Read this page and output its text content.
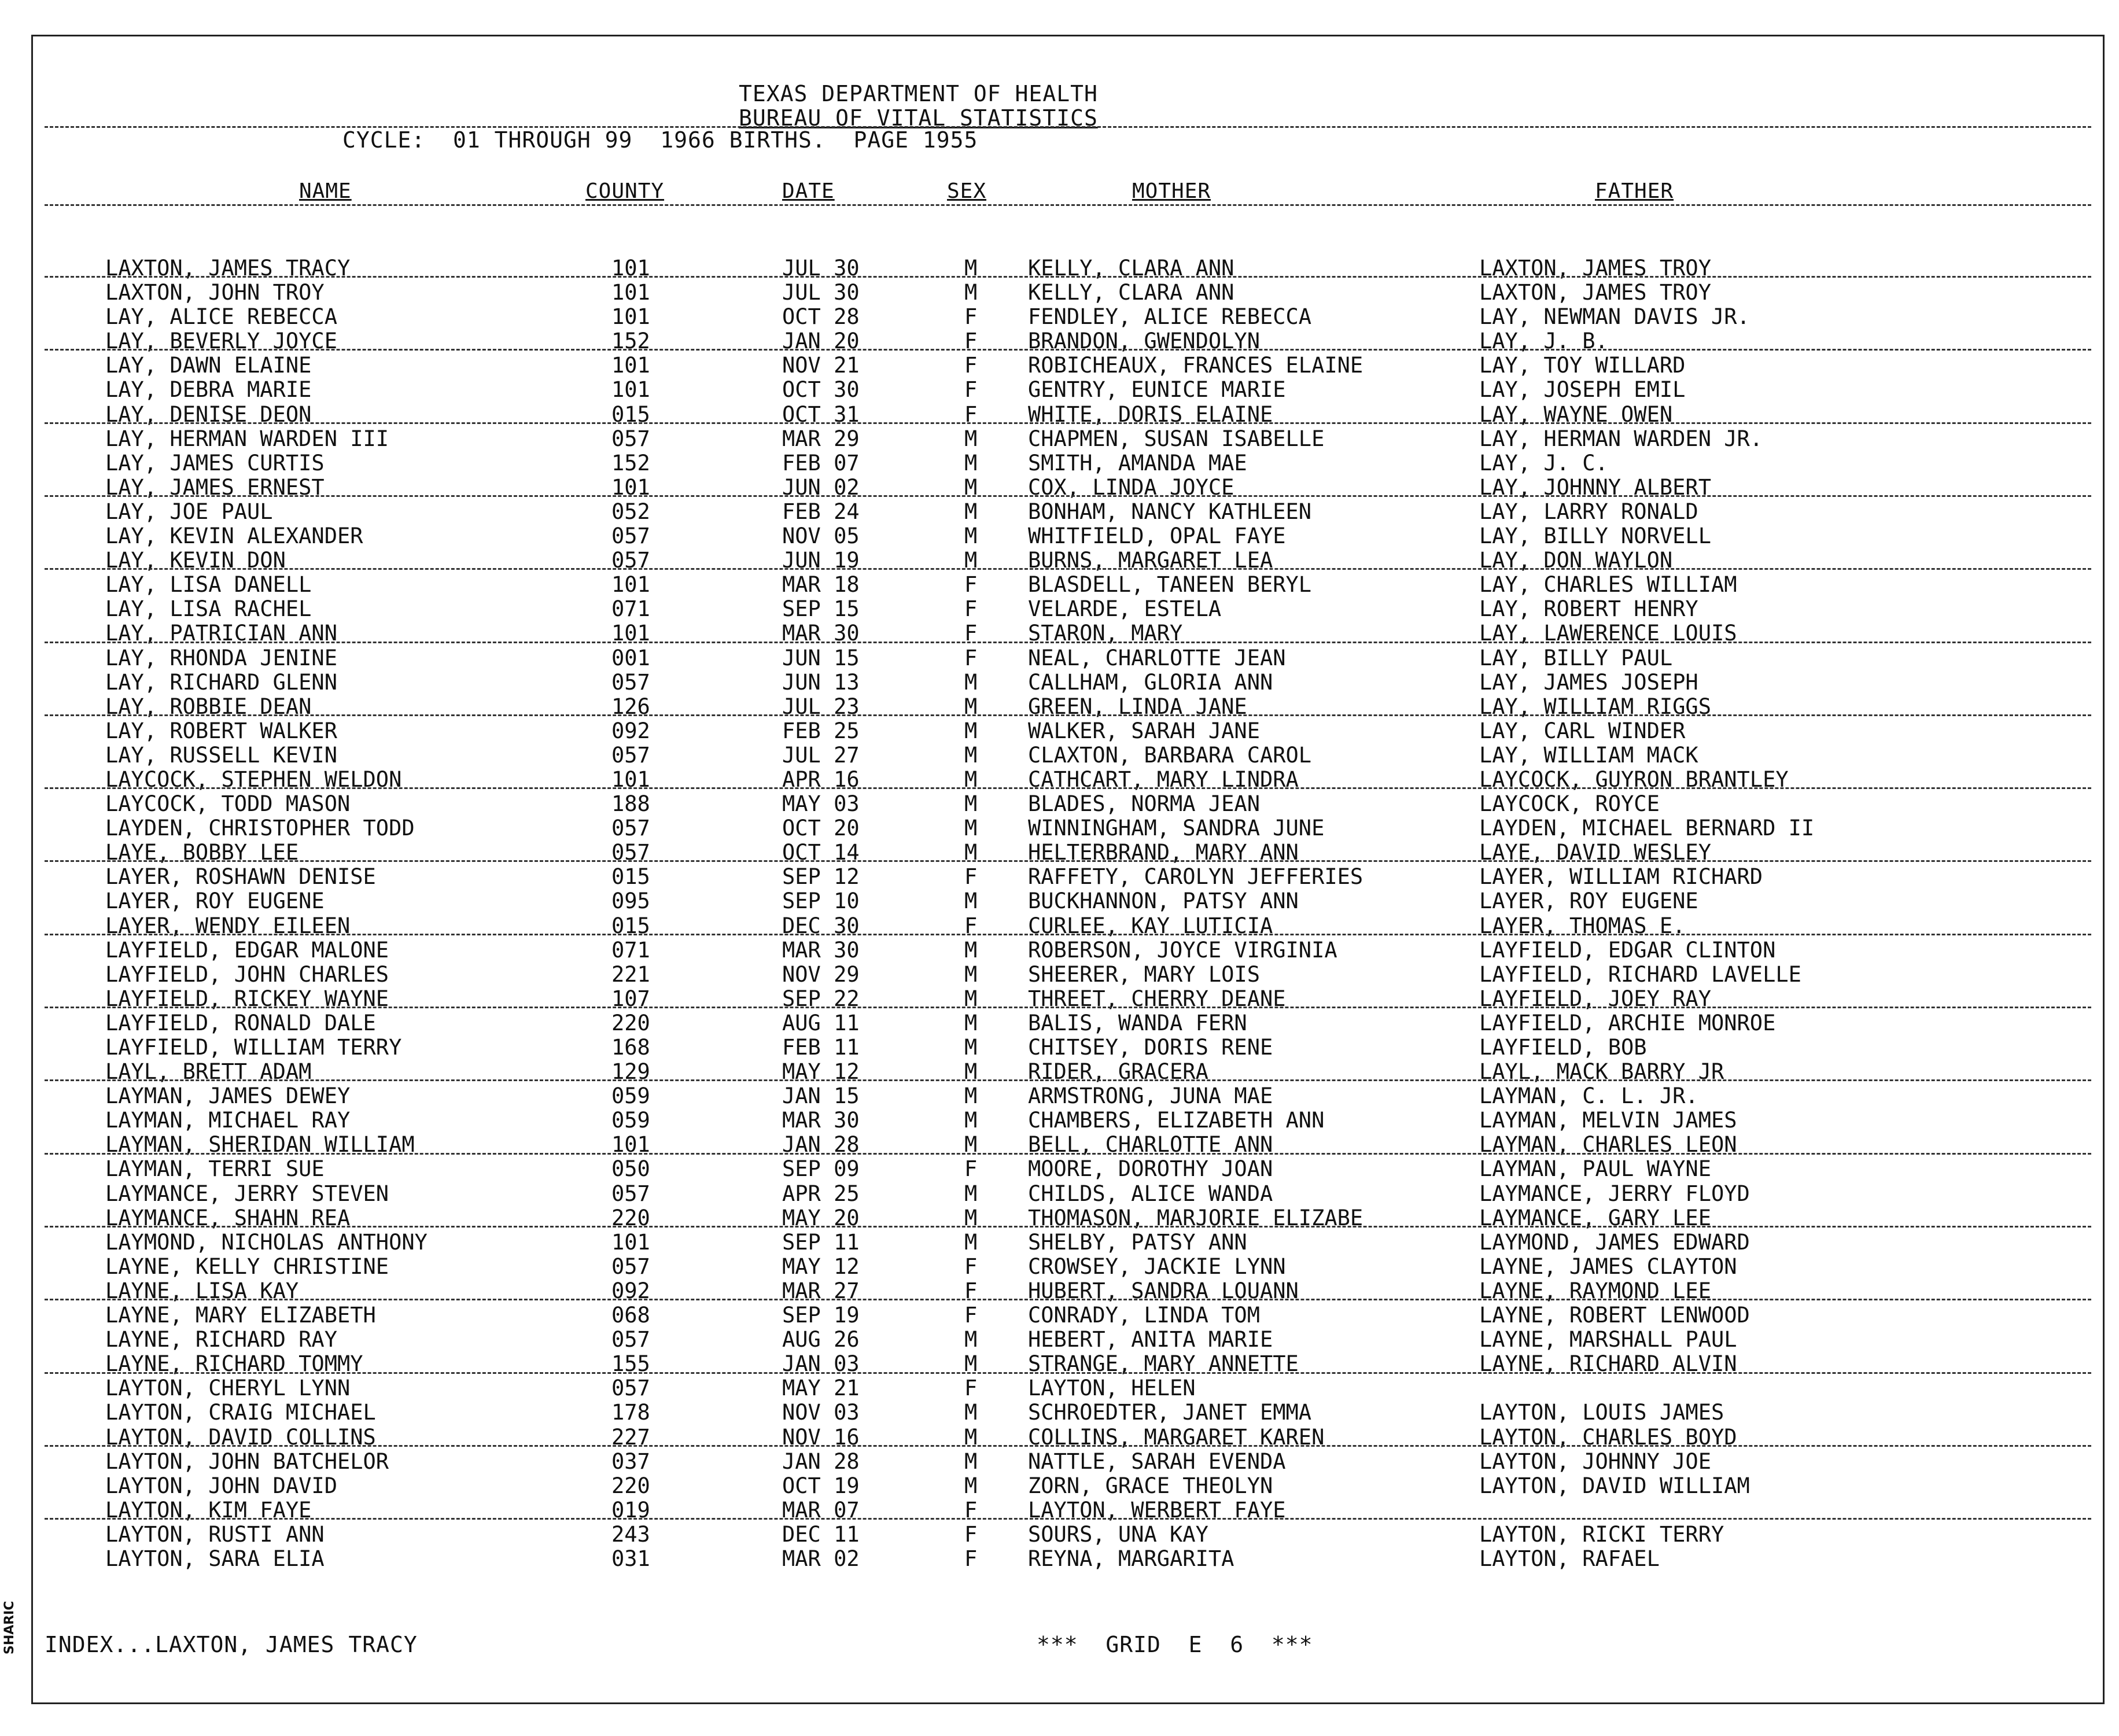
TEXAS DEPARTMENT OF HEALTH
BUREAU OF VITAL STATISTICS
CYCLE:  01 THROUGH 99  1966 BIRTHS.  PAGE 1955
NAME	COUNTY	DATE	SEX	MOTHER	FATHER
LAXTON, JAMES TRACY	101	JUL 30	M KELLY, CLARA ANN	LAXTON, JAMES TROY
LAXTON, JOHN TROY	101	JUL 30	M KELLY, CLARA ANN	LAXTON, JAMES TROY
LAY, ALICE REBECCA	101	OCT 28	F FENDLEY, ALICE REBECCA	LAY, NEWMAN DAVIS JR.
LAY, BEVERLY JOYCE	152	JAN 20	F BRANDON, GWENDOLYN	LAY, J. B.
LAY, DAWN ELAINE	101	NOV 21	F ROBICHEAUX, FRANCES ELAINE	LAY, TOY WILLARD
LAY, DEBRA MARIE	101	OCT 30	F GENTRY, EUNICE MARIE	LAY, JOSEPH EMIL
LAY, DENISE DEON	015	OCT 31	F WHITE, DORIS ELAINE	LAY, WAYNE OWEN
LAY, HERMAN WARDEN III	057	MAR 29	M CHAPMEN, SUSAN ISABELLE	LAY, HERMAN WARDEN JR.
LAY, JAMES CURTIS	152	FEB 07	M SMITH, AMANDA MAE	LAY, J. C.
LAY, JAMES ERNEST	101	JUN 02	M COX, LINDA JOYCE	LAY, JOHNNY ALBERT
LAY, JOE PAUL	052	FEB 24	M BONHAM, NANCY KATHLEEN	LAY, LARRY RONALD
LAY, KEVIN ALEXANDER	057	NOV 05	M WHITFIELD, OPAL FAYE	LAY, BILLY NORVELL
LAY, KEVIN DON	057	JUN 19	M BURNS, MARGARET LEA	LAY, DON WAYLON
LAY, LISA DANELL	101	MAR 18	F BLASDELL, TANEEN BERYL	LAY, CHARLES WILLIAM
LAY, LISA RACHEL	071	SEP 15	F VELARDE, ESTELA	LAY, ROBERT HENRY
LAY, PATRICIAN ANN	101	MAR 30	F STARON, MARY	LAY, LAWERENCE LOUIS
LAY, RHONDA JENINE	001	JUN 15	F NEAL, CHARLOTTE JEAN	LAY, BILLY PAUL
LAY, RICHARD GLENN	057	JUN 13	M CALLHAM, GLORIA ANN	LAY, JAMES JOSEPH
LAY, ROBBIE DEAN	126	JUL 23	M GREEN, LINDA JANE	LAY, WILLIAM RIGGS
LAY, ROBERT WALKER	092	FEB 25	M WALKER, SARAH JANE	LAY, CARL WINDER
LAY, RUSSELL KEVIN	057	JUL 27	M CLAXTON, BARBARA CAROL	LAY, WILLIAM MACK
LAYCOCK, STEPHEN WELDON	101	APR 16	M CATHCART, MARY LINDRA	LAYCOCK, GUYRON BRANTLEY
LAYCOCK, TODD MASON	188	MAY 03	M BLADES, NORMA JEAN	LAYCOCK, ROYCE
LAYDEN, CHRISTOPHER TODD	057	OCT 20	M WINNINGHAM, SANDRA JUNE	LAYDEN, MICHAEL BERNARD II
LAYE, BOBBY LEE	057	OCT 14	M HELTERBRAND, MARY ANN	LAYE, DAVID WESLEY
LAYER, ROSHAWN DENISE	015	SEP 12	F RAFFETY, CAROLYN JEFFERIES	LAYER, WILLIAM RICHARD
LAYER, ROY EUGENE	095	SEP 10	M BUCKHANNON, PATSY ANN	LAYER, ROY EUGENE
LAYER, WENDY EILEEN	015	DEC 30	F CURLEE, KAY LUTICIA	LAYER, THOMAS E.
LAYFIELD, EDGAR MALONE	071	MAR 30	M ROBERSON, JOYCE VIRGINIA	LAYFIELD, EDGAR CLINTON
LAYFIELD, JOHN CHARLES	221	NOV 29	M SHEERER, MARY LOIS	LAYFIELD, RICHARD LAVELLE
LAYFIELD, RICKEY WAYNE	107	SEP 22	M THREET, CHERRY DEANE	LAYFIELD, JOEY RAY
LAYFIELD, RONALD DALE	220	AUG 11	M BALIS, WANDA FERN	LAYFIELD, ARCHIE MONROE
LAYFIELD, WILLIAM TERRY	168	FEB 11	M CHITSEY, DORIS RENE	LAYFIELD, BOB
LAYL, BRETT ADAM	129	MAY 12	M RIDER, GRACERA	LAYL, MACK BARRY JR
LAYMAN, JAMES DEWEY	059	JAN 15	M ARMSTRONG, JUNA MAE	LAYMAN, C. L. JR.
LAYMAN, MICHAEL RAY	059	MAR 30	M CHAMBERS, ELIZABETH ANN	LAYMAN, MELVIN JAMES
LAYMAN, SHERIDAN WILLIAM	101	JAN 28	M BELL, CHARLOTTE ANN	LAYMAN, CHARLES LEON
LAYMAN, TERRI SUE	050	SEP 09	F MOORE, DOROTHY JOAN	LAYMAN, PAUL WAYNE
LAYMANCE, JERRY STEVEN	057	APR 25	M CHILDS, ALICE WANDA	LAYMANCE, JERRY FLOYD
LAYMANCE, SHAHN REA	220	MAY 20	M THOMASON, MARJORIE ELIZABE	LAYMANCE, GARY LEE
LAYMOND, NICHOLAS ANTHONY	101	SEP 11	M SHELBY, PATSY ANN	LAYMOND, JAMES EDWARD
LAYNE, KELLY CHRISTINE	057	MAY 12	F CROWSEY, JACKIE LYNN	LAYNE, JAMES CLAYTON
LAYNE, LISA KAY	092	MAR 27	F HUBERT, SANDRA LOUANN	LAYNE, RAYMOND LEE
LAYNE, MARY ELIZABETH	068	SEP 19	F CONRADY, LINDA TOM	LAYNE, ROBERT LENWOOD
LAYNE, RICHARD RAY	057	AUG 26	M HEBERT, ANITA MARIE	LAYNE, MARSHALL PAUL
LAYNE, RICHARD TOMMY	155	JAN 03	M STRANGE, MARY ANNETTE	LAYNE, RICHARD ALVIN
LAYTON, CHERYL LYNN	057	MAY 21	F LAYTON, HELEN
LAYTON, CRAIG MICHAEL	178	NOV 03	M SCHROEDTER, JANET EMMA	LAYTON, LOUIS JAMES
LAYTON, DAVID COLLINS	227	NOV 16	M COLLINS, MARGARET KAREN	LAYTON, CHARLES BOYD
LAYTON, JOHN BATCHELOR	037	JAN 28	M NATTLE, SARAH EVENDA	LAYTON, JOHNNY JOE
LAYTON, JOHN DAVID	220	OCT 19	M ZORN, GRACE THEOLYN	LAYTON, DAVID WILLIAM
LAYTON, KIM FAYE	019	MAR 07	F LAYTON, WERBERT FAYE
LAYTON, RUSTI ANN	243	DEC 11	F SOURS, UNA KAY	LAYTON, RICKI TERRY
LAYTON, SARA ELIA	031	MAR 02	F REYNA, MARGARITA	LAYTON, RAFAEL
INDEX...LAXTON, JAMES TRACY	***  GRID  E  6  ***
SHARIC
